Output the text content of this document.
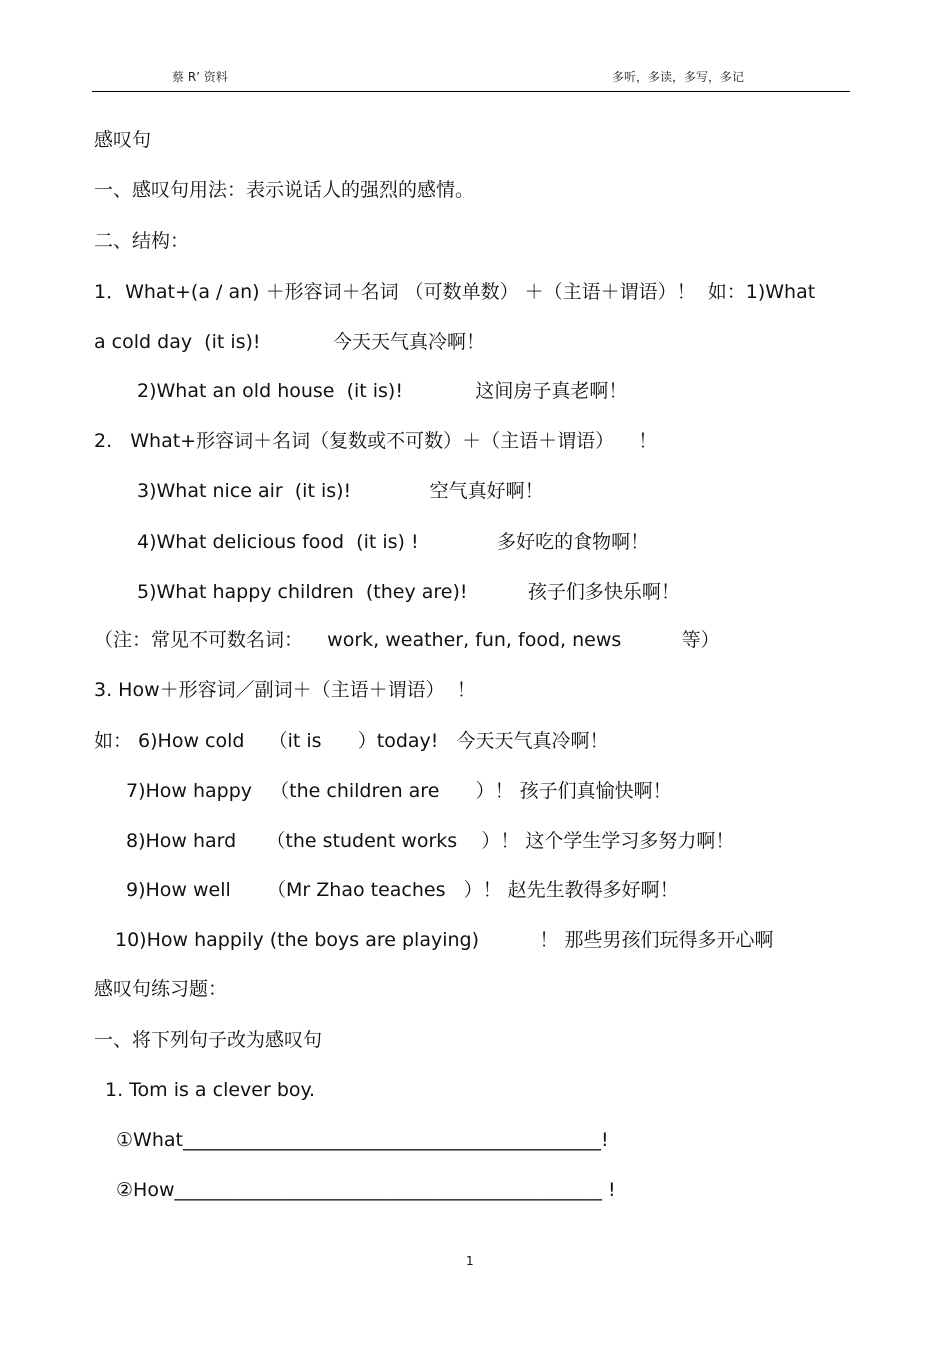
蔡 R’ 资料	多听，多读，多写，多记
感叹句
一、感叹句用法：表示说话人的强烈的感情。
二、结构：
1．What+(a / an) ＋形容词＋名词 （可数单数） ＋（主语＋谓语）！  如：1)What
a cold day  (it is)!            今天天气真冷啊！
2)What an old house  (it is)!            这间房子真老啊！
2.   What+形容词＋名词（复数或不可数）＋（主语＋谓语）    ！
3)What nice air  (it is)!             空气真好啊！
4)What delicious food  (it is) !             多好吃的食物啊！
5)What happy children  (they are)!          孩子们多快乐啊！
（注：常见不可数名词：    work, weather, fun, food, news          等）
3. How＋形容词／副词＋（主语＋谓语）  ！
如： 6)How cold    （it is      ）today!   今天天气真冷啊！
7)How happy   （the children are      ）！ 孩子们真愉快啊！
8)How hard     （the student works    ）！ 这个学生学习多努力啊！
9)How well      （Mr Zhao teaches   ）！ 赵先生教得多好啊！
10)How happily (the boys are playing)          ！ 那些男孩们玩得多开心啊
感叹句练习题：
一、将下列句子改为感叹句
1. Tom is a clever boy.
①What____________________________________________!
②How_____________________________________________ !
1
